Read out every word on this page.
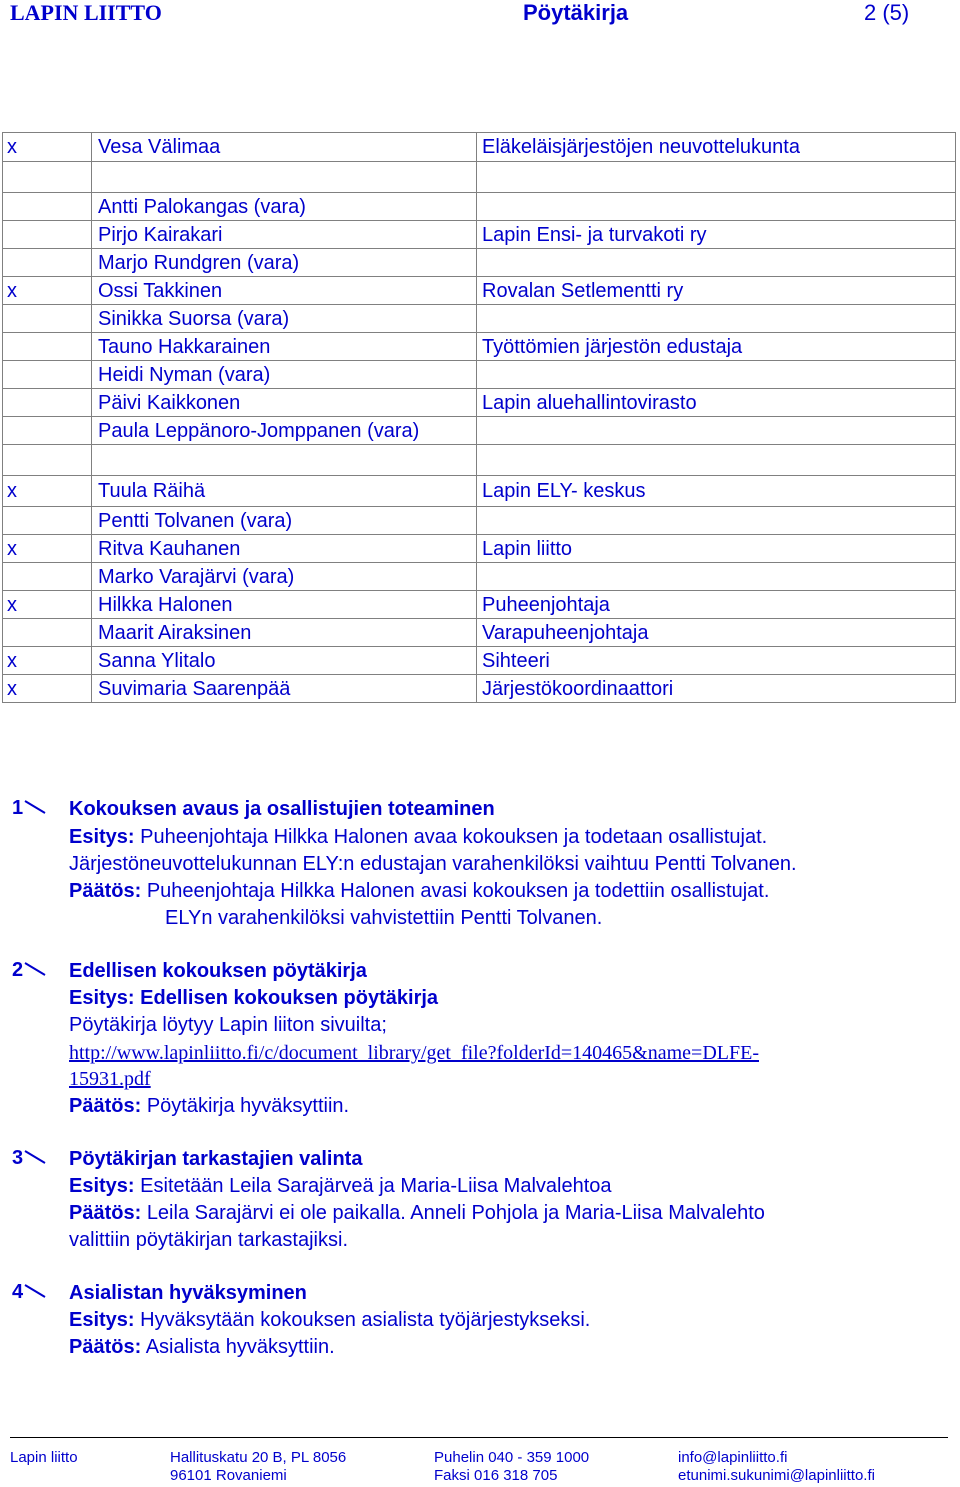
LAPIN LIITTO	Pöytäkirja	2 (5)
x	Vesa Välimaa	Eläkeläisjärjestöjen neuvottelukunta

	Antti Palokangas (vara)	
	Pirjo Kairakari	Lapin Ensi- ja turvakoti ry
	Marjo Rundgren (vara)	
x	Ossi Takkinen	Rovalan Setlementti ry
	Sinikka Suorsa (vara)	
	Tauno Hakkarainen	Työttömien järjestön edustaja
	Heidi Nyman (vara)	
	Päivi Kaikkonen	Lapin aluehallintovirasto
	Paula Leppänoro-Jomppanen (vara)	

x	Tuula Räihä	Lapin ELY- keskus
	Pentti Tolvanen (vara)	
x	Ritva Kauhanen	Lapin liitto
	Marko Varajärvi (vara)	
x	Hilkka Halonen	Puheenjohtaja
	Maarit Airaksinen	Varapuheenjohtaja
x	Sanna Ylitalo	Sihteeri
x	Suvimaria Saarenpää	Järjestökoordinaattori
1	Kokouksen avaus ja osallistujien toteaminen
Esitys: Puheenjohtaja Hilkka Halonen avaa kokouksen ja todetaan osallistujat.
Järjestöneuvottelukunnan ELY:n edustajan varahenkilöksi vaihtuu Pentti Tolvanen.
Päätös: Puheenjohtaja Hilkka Halonen avasi kokouksen ja todettiin osallistujat.
ELYn varahenkilöksi vahvistettiin Pentti Tolvanen.
2	Edellisen kokouksen pöytäkirja
Esitys: Edellisen kokouksen pöytäkirja
Pöytäkirja löytyy Lapin liiton sivuilta;
http://www.lapinliitto.fi/c/document_library/get_file?folderId=140465&name=DLFE-
15931.pdf
Päätös: Pöytäkirja hyväksyttiin.
3	Pöytäkirjan tarkastajien valinta
Esitys: Esitetään Leila Sarajärveä ja Maria-Liisa Malvalehtoa
Päätös: Leila Sarajärvi ei ole paikalla. Anneli Pohjola ja Maria-Liisa Malvalehto
valittiin pöytäkirjan tarkastajiksi.
4	Asialistan hyväksyminen
Esitys: Hyväksytään kokouksen asialista työjärjestykseksi.
Päätös: Asialista hyväksyttiin.
Lapin liitto	Hallituskatu 20 B, PL 8056
96101 Rovaniemi
Puhelin 040 - 359 1000
Faksi 016 318 705
info@lapinliitto.fi
etunimi.sukunimi@lapinliitto.fi
